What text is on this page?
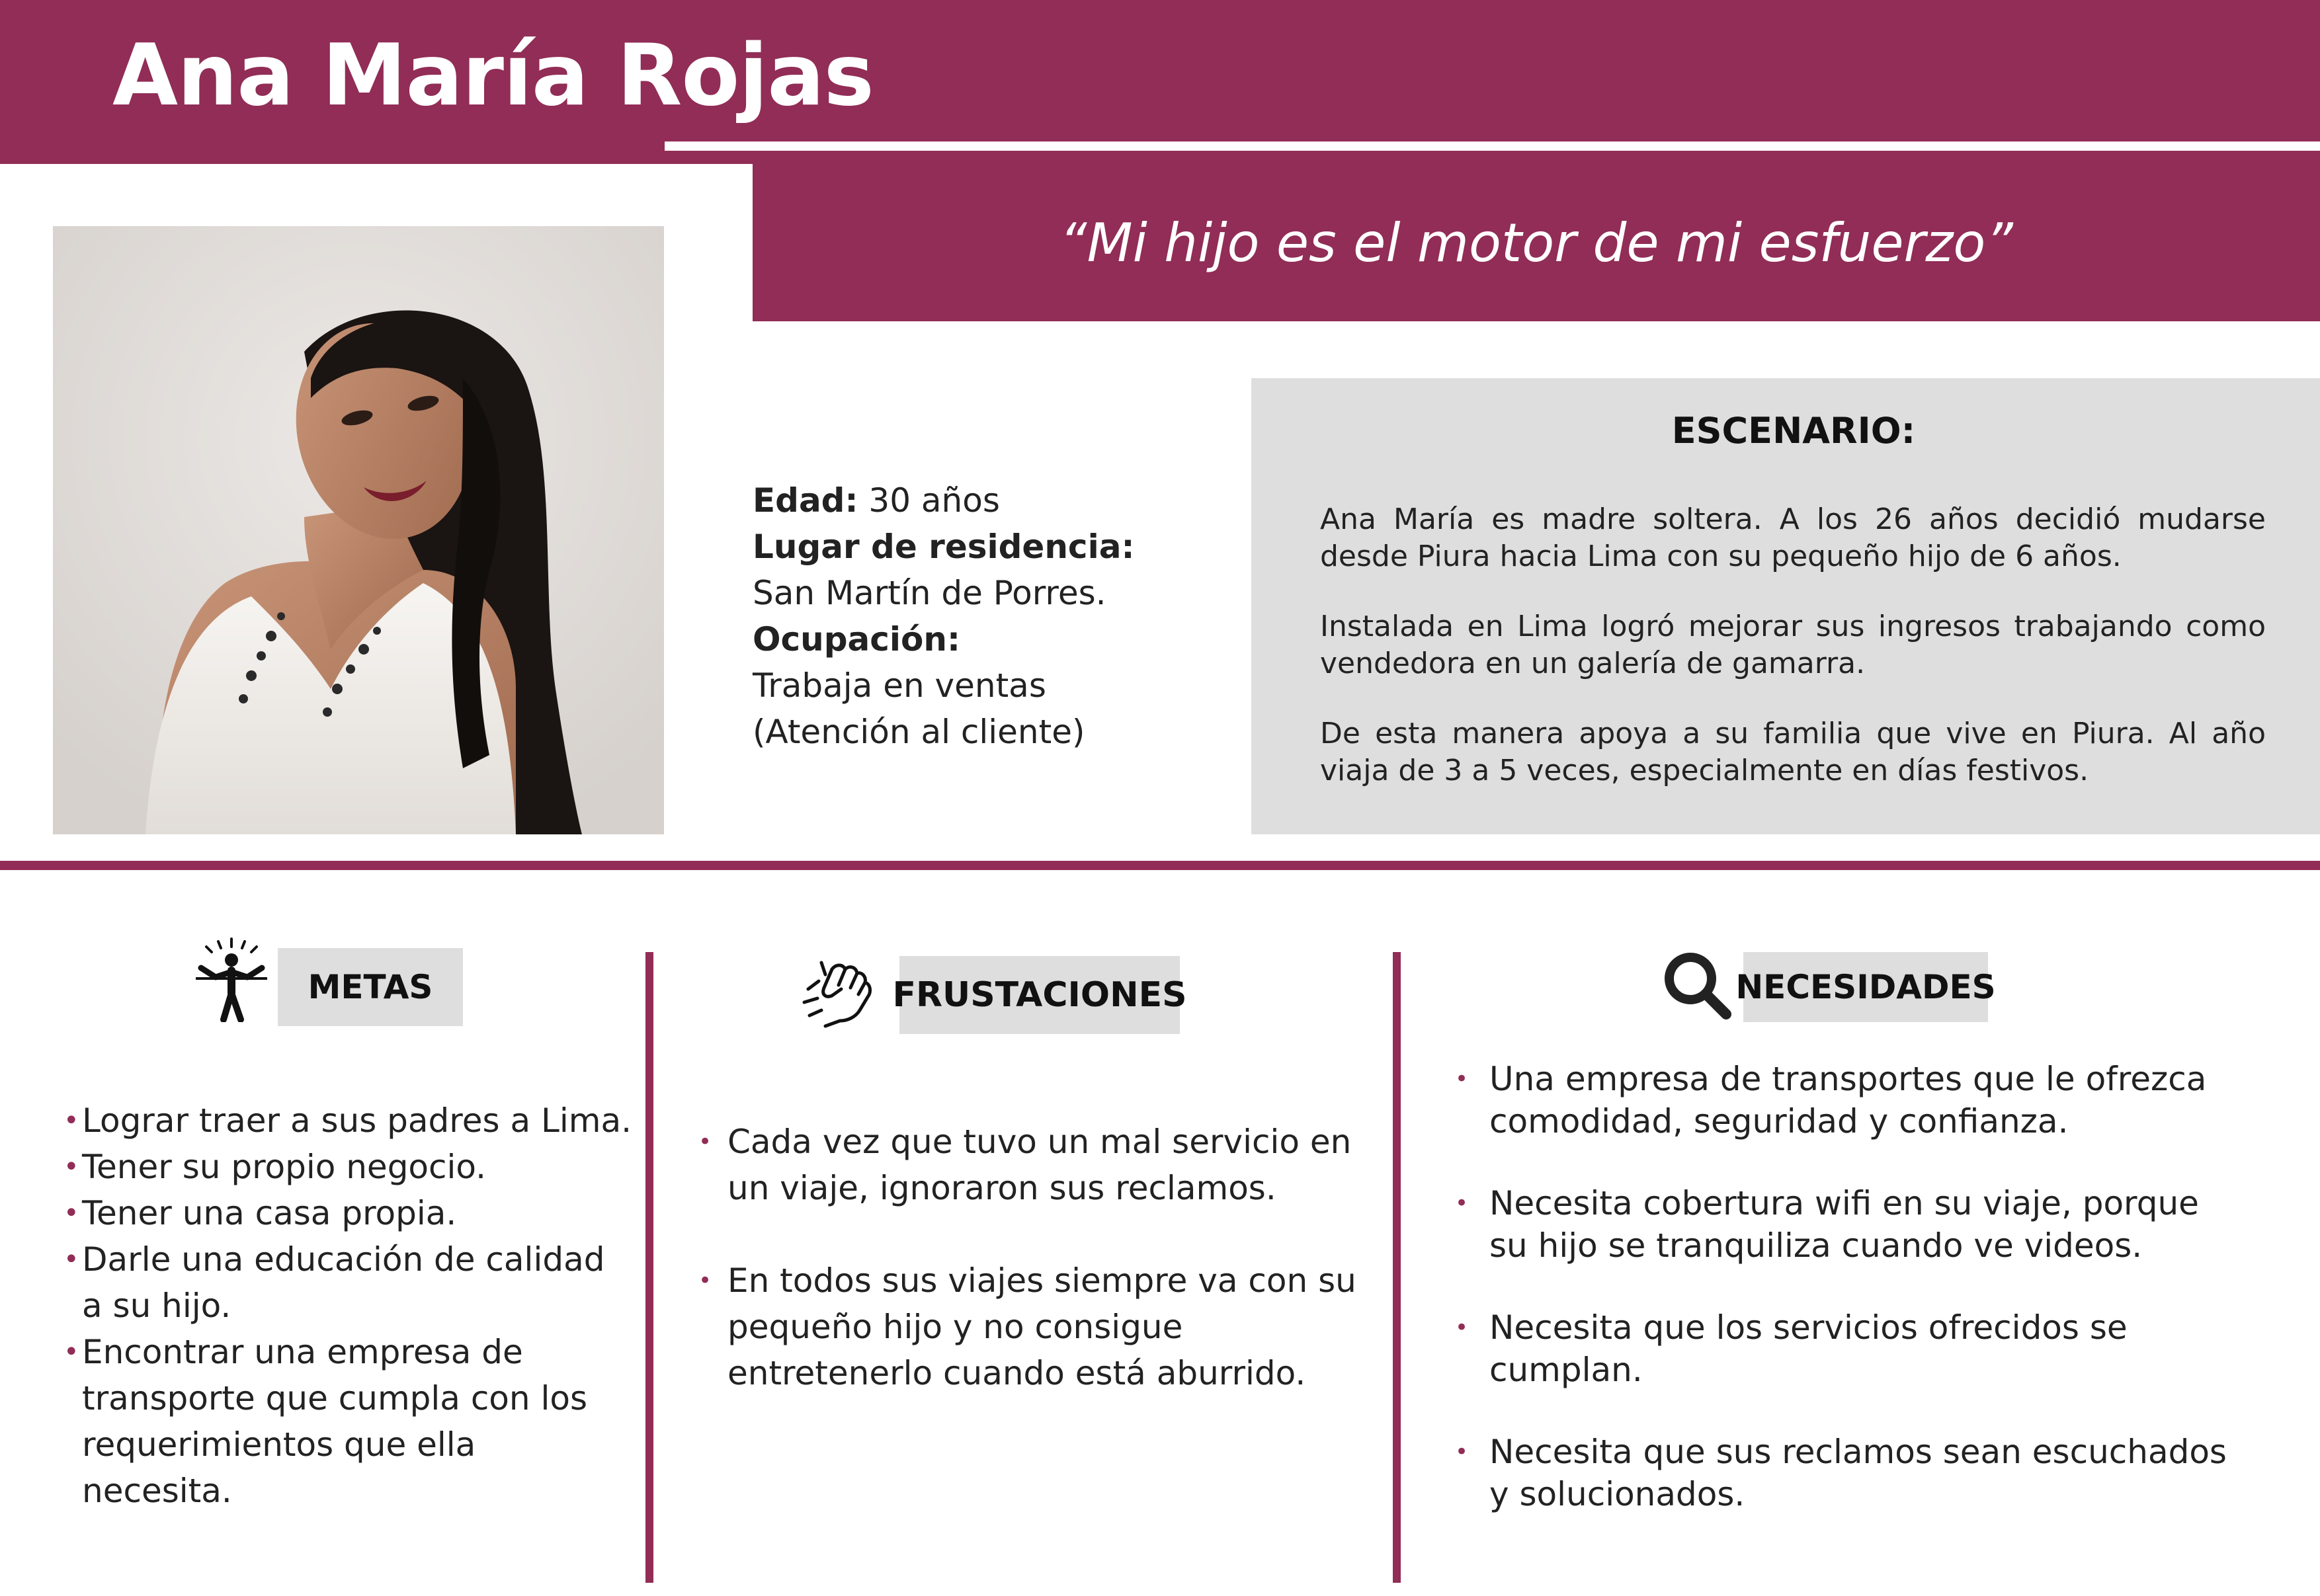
Ana María Rojas
“Mi hijo es el motor de mi esfuerzo”
Edad: 30 años
Lugar de residencia:
San Martín de Porres.
Ocupación:
Trabaja en ventas
(Atención al cliente)
ESCENARIO:

Ana María es madre soltera. A los 26 años decidió mudarse desde Piura hacia Lima con su pequeño hijo de 6 años.

Instalada en Lima logró mejorar sus ingresos trabajando como vendedora en un galería de gamarra.

De esta manera apoya a su familia que vive en Piura. Al año viaja de 3 a 5 veces, especialmente en días festivos.

METAS
• Lograr traer a sus padres a Lima.
• Tener su propio negocio.
• Tener una casa propia.
• Darle una educación de calidad a su hijo.
• Encontrar una empresa de transporte que cumpla con los requerimientos que ella necesita.
FRUSTACIONES
• Cada vez que tuvo un mal servicio en un viaje, ignoraron sus reclamos.
• En todos sus viajes siempre va con su pequeño hijo y no consigue entretenerlo cuando está aburrido.
NECESIDADES
• Una empresa de transportes que le ofrezca comodidad, seguridad y confianza.
• Necesita cobertura wifi en su viaje, porque su hijo se tranquiliza cuando ve videos.
• Necesita que los servicios ofrecidos se cumplan.
• Necesita que sus reclamos sean escuchados y solucionados.
